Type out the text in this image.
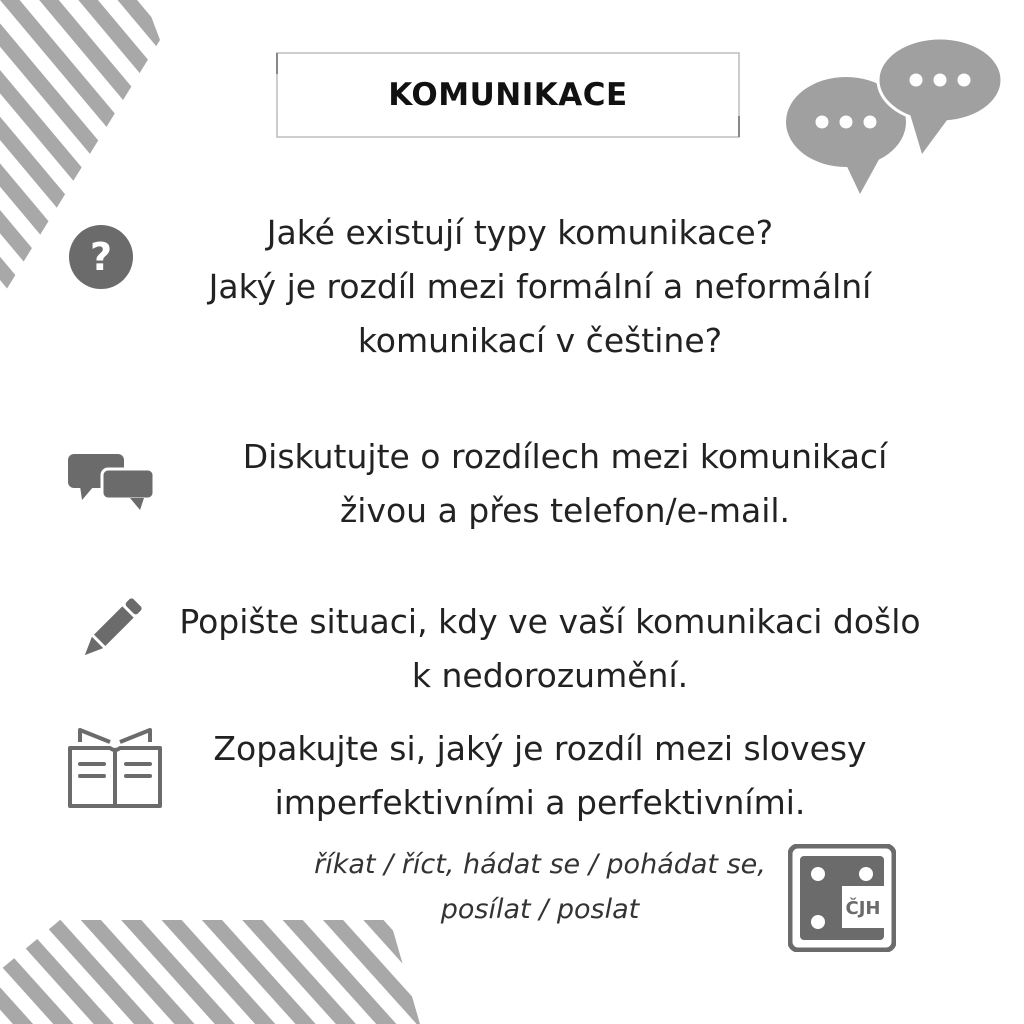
KOMUNIKACE
?
Jaké existují typy komunikace?
Jaký je rozdíl mezi formální a neformální
komunikací v češtine?
Diskutujte o rozdílech mezi komunikací
živou a přes telefon/e-mail.
Popište situaci, kdy ve vaší komunikaci došlo
k nedorozumění.
Zopakujte si, jaký je rozdíl mezi slovesy
imperfektivními a perfektivními.
říkat / říct, hádat se / pohádat se,
posílat / poslat	ČJH
